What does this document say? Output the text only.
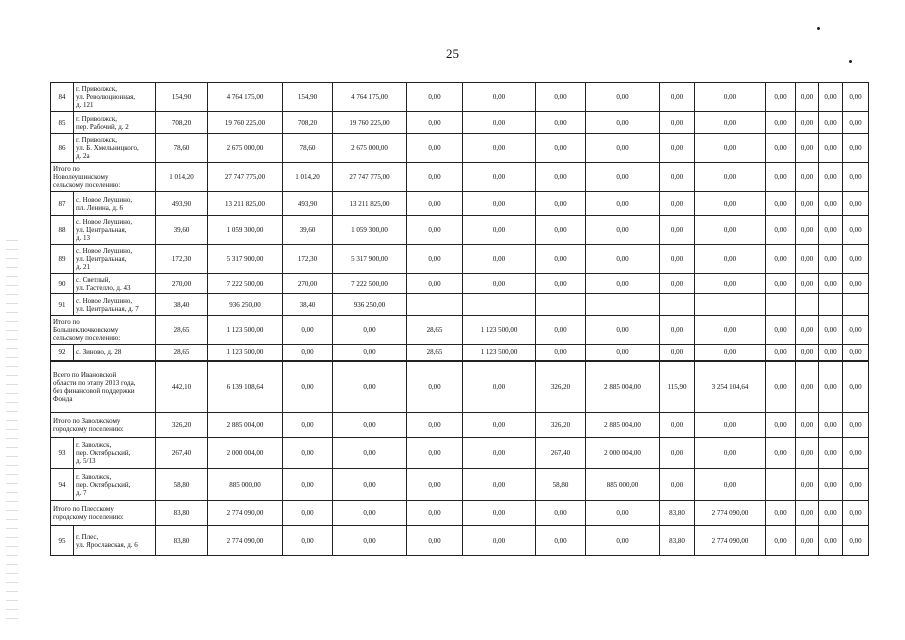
25
84	г. Приволжск,
ул. Революционная,
д. 121	154,90	4 764 175,00	154,90	4 764 175,00	0,00	0,00	0,00	0,00	0,00	0,00	0,00	0,00	0,00	0,00
85	г. Приволжск,
пер. Рабочий, д. 2	708,20	19 760 225,00	708,20	19 760 225,00	0,00	0,00	0,00	0,00	0,00	0,00	0,00	0,00	0,00	0,00
86	г. Приволжск,
ул. Б. Хмельницкого,
д. 2а	78,60	2 675 000,00	78,60	2 675 000,00	0,00	0,00	0,00	0,00	0,00	0,00	0,00	0,00	0,00	0,00
Итого по
Новолеушинскому
сельскому поселению:		1 014,20	27 747 775,00	1 014,20	27 747 775,00	0,00	0,00	0,00	0,00	0,00	0,00	0,00	0,00	0,00	0,00
87	с. Новое Леушино,
пл. Ленина, д. 6	493,90	13 211 825,00	493,90	13 211 825,00	0,00	0,00	0,00	0,00	0,00	0,00	0,00	0,00	0,00	0,00
88	с. Новое Леушино,
ул. Центральная,
д. 13	39,60	1 059 300,00	39,60	1 059 300,00	0,00	0,00	0,00	0,00	0,00	0,00	0,00	0,00	0,00	0,00
89	с. Новое Леушино,
ул. Центральная,
д. 21	172,30	5 317 900,00	172,30	5 317 900,00	0,00	0,00	0,00	0,00	0,00	0,00	0,00	0,00	0,00	0,00
90	с. Светлый,
ул. Гастелло, д. 43	270,00	7 222 500,00	270,00	7 222 500,00	0,00	0,00	0,00	0,00	0,00	0,00	0,00	0,00	0,00	0,00
91	с. Новое Леушино,
ул. Центральная, д. 7	38,40	936 250,00	38,40	936 250,00										
Итого по
Большеключковскому
сельскому поселению:		28,65	1 123 500,00	0,00	0,00	28,65	1 123 500,00	0,00	0,00	0,00	0,00	0,00	0,00	0,00	0,00
92	с. Зиново, д. 28	28,65	1 123 500,00	0,00	0,00	28,65	1 123 500,00	0,00	0,00	0,00	0,00	0,00	0,00	0,00	0,00
Всего по Ивановской
области по этапу 2013 года,
без финансовой поддержки
Фонда		442,10	6 139 108,64	0,00	0,00	0,00	0,00	326,20	2 885 004,00	115,90	3 254 104,64	0,00	0,00	0,00	0,00
Итого по Заволжскому
городскому поселению:		326,20	2 885 004,00	0,00	0,00	0,00	0,00	326,20	2 885 004,00	0,00	0,00	0,00	0,00	0,00	0,00
93	г. Заволжск,
пер. Октябрьский,
д. 5/13	267,40	2 000 004,00	0,00	0,00	0,00	0,00	267,40	2 000 004,00	0,00	0,00	0,00	0,00	0,00	0,00
94	г. Заволжск,
пер. Октябрьский,
д. 7	58,80	885 000,00	0,00	0,00	0,00	0,00	58,80	885 000,00	0,00	0,00		0,00	0,00	0,00
Итого по Плесскому
городскому поселению:		83,80	2 774 090,00	0,00	0,00	0,00	0,00	0,00	0,00	83,80	2 774 090,00	0,00	0,00	0,00	0,00
95	г. Плес,
ул. Ярославская, д. 6	83,80	2 774 090,00	0,00	0,00	0,00	0,00	0,00	0,00	83,80	2 774 090,00	0,00	0,00	0,00	0,00
